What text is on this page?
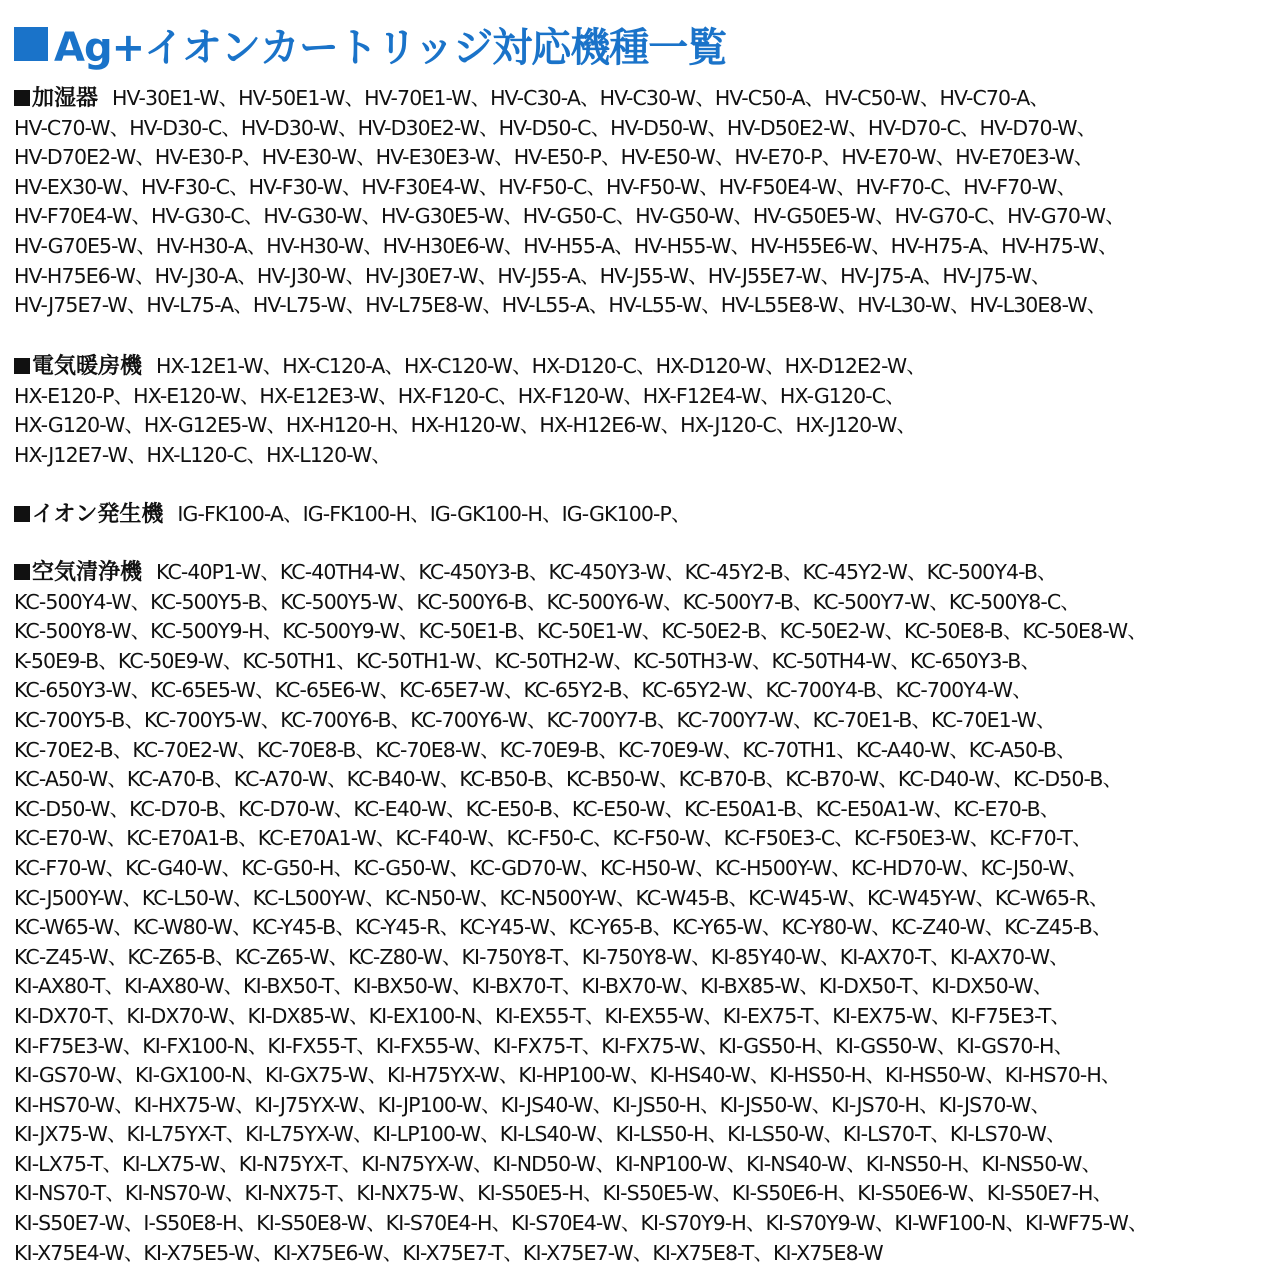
Ag+イオンカートリッジ対応機種一覧
加湿器 HV-30E1-W、HV-50E1-W、HV-70E1-W、HV-C30-A、HV-C30-W、HV-C50-A、HV-C50-W、HV-C70-A、
HV-C70-W、HV-D30-C、HV-D30-W、HV-D30E2-W、HV-D50-C、HV-D50-W、HV-D50E2-W、HV-D70-C、HV-D70-W、
HV-D70E2-W、HV-E30-P、HV-E30-W、HV-E30E3-W、HV-E50-P、HV-E50-W、HV-E70-P、HV-E70-W、HV-E70E3-W、
HV-EX30-W、HV-F30-C、HV-F30-W、HV-F30E4-W、HV-F50-C、HV-F50-W、HV-F50E4-W、HV-F70-C、HV-F70-W、
HV-F70E4-W、HV-G30-C、HV-G30-W、HV-G30E5-W、HV-G50-C、HV-G50-W、HV-G50E5-W、HV-G70-C、HV-G70-W、
HV-G70E5-W、HV-H30-A、HV-H30-W、HV-H30E6-W、HV-H55-A、HV-H55-W、HV-H55E6-W、HV-H75-A、HV-H75-W、
HV-H75E6-W、HV-J30-A、HV-J30-W、HV-J30E7-W、HV-J55-A、HV-J55-W、HV-J55E7-W、HV-J75-A、HV-J75-W、
HV-J75E7-W、HV-L75-A、HV-L75-W、HV-L75E8-W、HV-L55-A、HV-L55-W、HV-L55E8-W、HV-L30-W、HV-L30E8-W、
電気暖房機 HX-12E1-W、HX-C120-A、HX-C120-W、HX-D120-C、HX-D120-W、HX-D12E2-W、
HX-E120-P、HX-E120-W、HX-E12E3-W、HX-F120-C、HX-F120-W、HX-F12E4-W、HX-G120-C、
HX-G120-W、HX-G12E5-W、HX-H120-H、HX-H120-W、HX-H12E6-W、HX-J120-C、HX-J120-W、
HX-J12E7-W、HX-L120-C、HX-L120-W、
イオン発生機 IG-FK100-A、IG-FK100-H、IG-GK100-H、IG-GK100-P、
空気清浄機 KC-40P1-W、KC-40TH4-W、KC-450Y3-B、KC-450Y3-W、KC-45Y2-B、KC-45Y2-W、KC-500Y4-B、
KC-500Y4-W、KC-500Y5-B、KC-500Y5-W、KC-500Y6-B、KC-500Y6-W、KC-500Y7-B、KC-500Y7-W、KC-500Y8-C、
KC-500Y8-W、KC-500Y9-H、KC-500Y9-W、KC-50E1-B、KC-50E1-W、KC-50E2-B、KC-50E2-W、KC-50E8-B、KC-50E8-W、
K-50E9-B、KC-50E9-W、KC-50TH1、KC-50TH1-W、KC-50TH2-W、KC-50TH3-W、KC-50TH4-W、KC-650Y3-B、
KC-650Y3-W、KC-65E5-W、KC-65E6-W、KC-65E7-W、KC-65Y2-B、KC-65Y2-W、KC-700Y4-B、KC-700Y4-W、
KC-700Y5-B、KC-700Y5-W、KC-700Y6-B、KC-700Y6-W、KC-700Y7-B、KC-700Y7-W、KC-70E1-B、KC-70E1-W、
KC-70E2-B、KC-70E2-W、KC-70E8-B、KC-70E8-W、KC-70E9-B、KC-70E9-W、KC-70TH1、KC-A40-W、KC-A50-B、
KC-A50-W、KC-A70-B、KC-A70-W、KC-B40-W、KC-B50-B、KC-B50-W、KC-B70-B、KC-B70-W、KC-D40-W、KC-D50-B、
KC-D50-W、KC-D70-B、KC-D70-W、KC-E40-W、KC-E50-B、KC-E50-W、KC-E50A1-B、KC-E50A1-W、KC-E70-B、
KC-E70-W、KC-E70A1-B、KC-E70A1-W、KC-F40-W、KC-F50-C、KC-F50-W、KC-F50E3-C、KC-F50E3-W、KC-F70-T、
KC-F70-W、KC-G40-W、KC-G50-H、KC-G50-W、KC-GD70-W、KC-H50-W、KC-H500Y-W、KC-HD70-W、KC-J50-W、
KC-J500Y-W、KC-L50-W、KC-L500Y-W、KC-N50-W、KC-N500Y-W、KC-W45-B、KC-W45-W、KC-W45Y-W、KC-W65-R、
KC-W65-W、KC-W80-W、KC-Y45-B、KC-Y45-R、KC-Y45-W、KC-Y65-B、KC-Y65-W、KC-Y80-W、KC-Z40-W、KC-Z45-B、
KC-Z45-W、KC-Z65-B、KC-Z65-W、KC-Z80-W、KI-750Y8-T、KI-750Y8-W、KI-85Y40-W、KI-AX70-T、KI-AX70-W、
KI-AX80-T、KI-AX80-W、KI-BX50-T、KI-BX50-W、KI-BX70-T、KI-BX70-W、KI-BX85-W、KI-DX50-T、KI-DX50-W、
KI-DX70-T、KI-DX70-W、KI-DX85-W、KI-EX100-N、KI-EX55-T、KI-EX55-W、KI-EX75-T、KI-EX75-W、KI-F75E3-T、
KI-F75E3-W、KI-FX100-N、KI-FX55-T、KI-FX55-W、KI-FX75-T、KI-FX75-W、KI-GS50-H、KI-GS50-W、KI-GS70-H、
KI-GS70-W、KI-GX100-N、KI-GX75-W、KI-H75YX-W、KI-HP100-W、KI-HS40-W、KI-HS50-H、KI-HS50-W、KI-HS70-H、
KI-HS70-W、KI-HX75-W、KI-J75YX-W、KI-JP100-W、KI-JS40-W、KI-JS50-H、KI-JS50-W、KI-JS70-H、KI-JS70-W、
KI-JX75-W、KI-L75YX-T、KI-L75YX-W、KI-LP100-W、KI-LS40-W、KI-LS50-H、KI-LS50-W、KI-LS70-T、KI-LS70-W、
KI-LX75-T、KI-LX75-W、KI-N75YX-T、KI-N75YX-W、KI-ND50-W、KI-NP100-W、KI-NS40-W、KI-NS50-H、KI-NS50-W、
KI-NS70-T、KI-NS70-W、KI-NX75-T、KI-NX75-W、KI-S50E5-H、KI-S50E5-W、KI-S50E6-H、KI-S50E6-W、KI-S50E7-H、
KI-S50E7-W、I-S50E8-H、KI-S50E8-W、KI-S70E4-H、KI-S70E4-W、KI-S70Y9-H、KI-S70Y9-W、KI-WF100-N、KI-WF75-W、
KI-X75E4-W、KI-X75E5-W、KI-X75E6-W、KI-X75E7-T、KI-X75E7-W、KI-X75E8-T、KI-X75E8-W
